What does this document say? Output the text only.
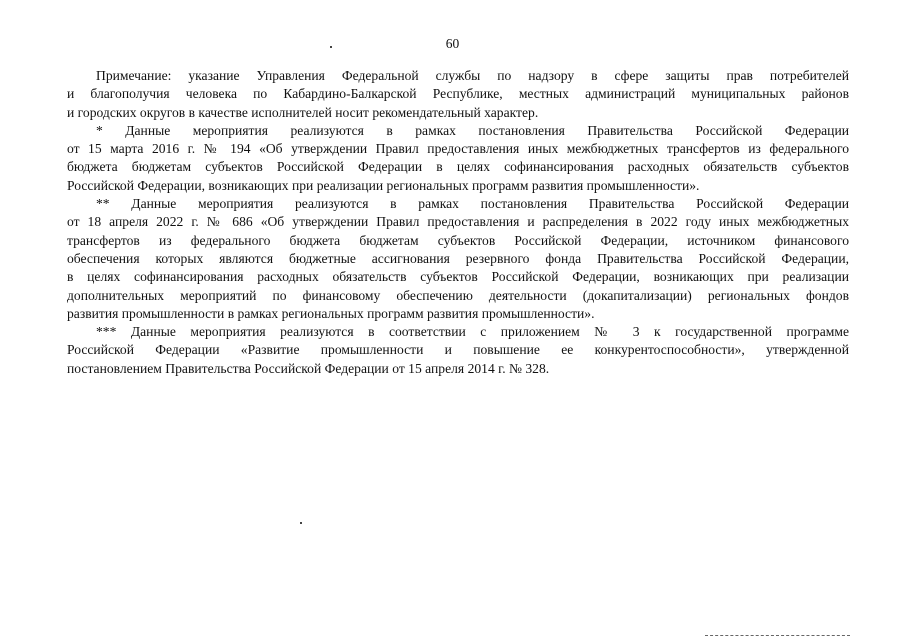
60
Примечание: указание Управления Федеральной службы по надзору в сфере защиты прав потребителей
и благополучия человека по Кабардино-Балкарской Республике, местных администраций муниципальных районов
и городских округов в качестве исполнителей носит рекомендательный характер.
* Данные мероприятия реализуются в рамках постановления Правительства Российской Федерации
от 15 марта 2016 г. № 194 «Об утверждении Правил предоставления иных межбюджетных трансфертов из федерального
бюджета бюджетам субъектов Российской Федерации в целях софинансирования расходных обязательств субъектов
Российской Федерации, возникающих при реализации региональных программ развития промышленности».
** Данные мероприятия реализуются в рамках постановления Правительства Российской Федерации
от 18 апреля 2022 г. № 686 «Об утверждении Правил предоставления и распределения в 2022 году иных межбюджетных
трансфертов из федерального бюджета бюджетам субъектов Российской Федерации, источником финансового
обеспечения которых являются бюджетные ассигнования резервного фонда Правительства Российской Федерации,
в целях софинансирования расходных обязательств субъектов Российской Федерации, возникающих при реализации
дополнительных мероприятий по финансовому обеспечению деятельности (докапитализации) региональных фондов
развития промышленности в рамках региональных программ развития промышленности».
*** Данные мероприятия реализуются в соответствии с приложением № 3 к государственной программе
Российской Федерации «Развитие промышленности и повышение ее конкурентоспособности», утвержденной
постановлением Правительства Российской Федерации от 15 апреля 2014 г. № 328.
